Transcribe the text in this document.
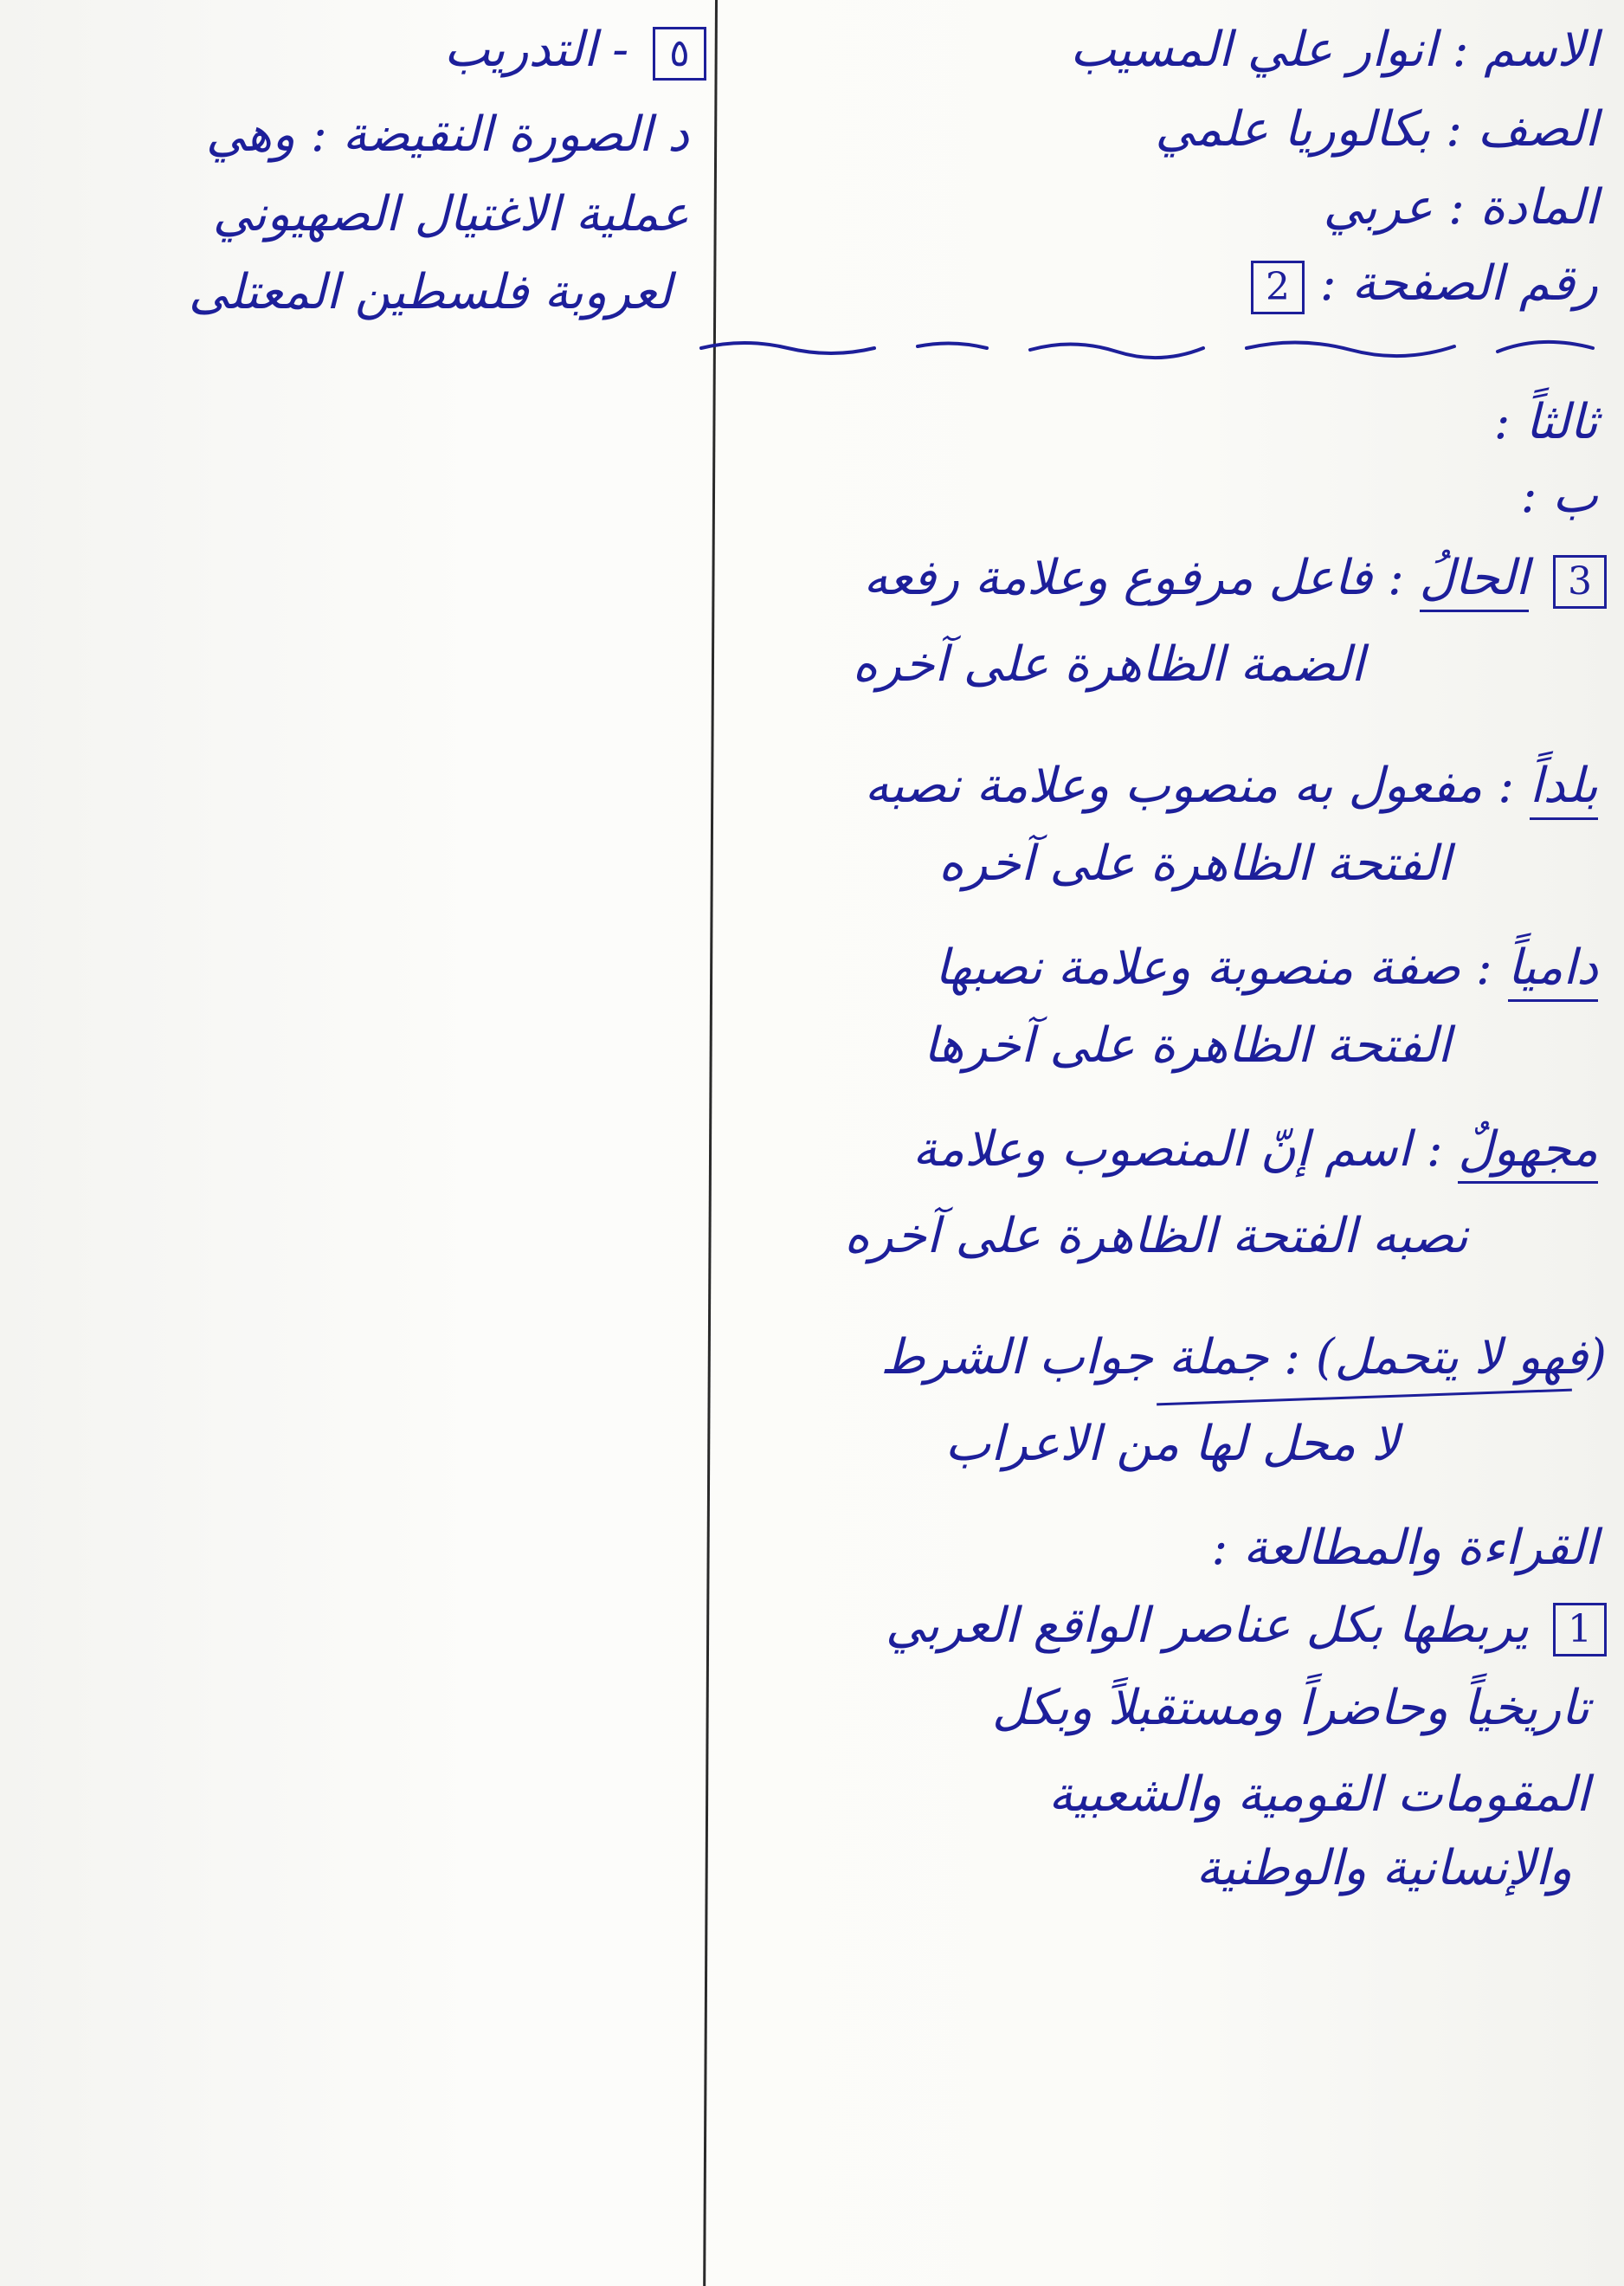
الاسم : انوار علي المسيب
الصف : بكالوريا علمي
المادة : عربي
رقم الصفحة : 2
٥ - التدريب
د الصورة النقيضة : وهي
عملية الاغتيال الصهيوني
لعروبة فلسطين المعتلى
ثالثاً :
ب :
3 الحالُ : فاعل مرفوع وعلامة رفعه
الضمة الظاهرة على آخره
بلداً : مفعول به منصوب وعلامة نصبه
الفتحة الظاهرة على آخره
دامياً : صفة منصوبة وعلامة نصبها
الفتحة الظاهرة على آخرها
مجهولٌ : اسم إنّ المنصوب وعلامة
نصبه الفتحة الظاهرة على آخره
(فهو لا يتحمل) : جملة جواب الشرط
لا محل لها من الاعراب
القراءة والمطالعة :
1 يربطها بكل عناصر الواقع العربي
تاريخياً وحاضراً ومستقبلاً وبكل
المقومات القومية والشعبية
والإنسانية والوطنية
